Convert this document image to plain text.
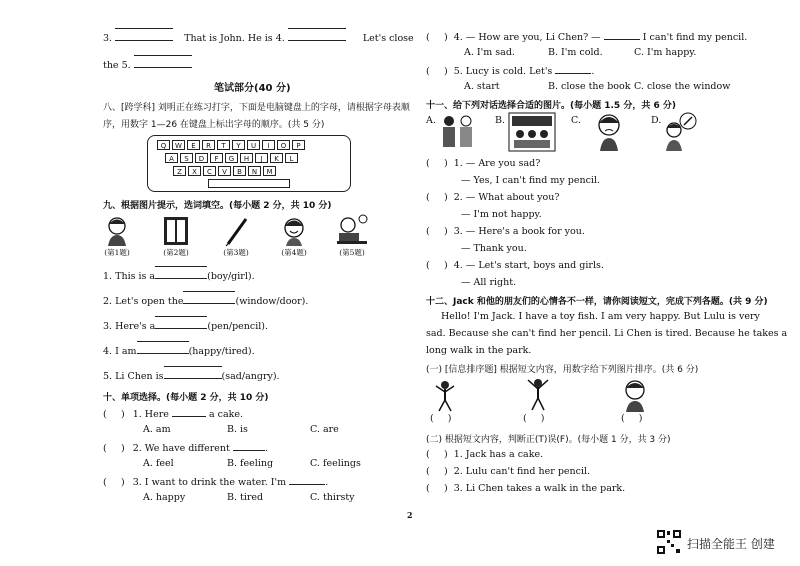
3.	That is John. He is 4.	Let's close
the 5.
笔试部分(40 分)
八、[跨学科] 刘明正在练习打字，下面是电脑键盘上的字母，请根据字母表顺
序，用数字 1—26 在键盘上标出字母的顺序。(共 5 分)
Q	W	E	R	T	Y	U	I	O	P
A	S	D	F	G	H	J	K	L
Z	X	C	V	B	N	M
九、根据图片提示，选词填空。(每小题 2 分，共 10 分)
(第1题)	(第2题)	(第3题)	(第4题)	(第5题)
1. This is a	(boy/girl).
2. Let's open the	(window/door).
3. Here's a	(pen/pencil).
4. I am	(happy/tired).
5. Li Chen is	(sad/angry).
十、单项选择。(每小题 2 分，共 10 分)
( ) 1. Here	a cake.
A. am	B. is	C. are
( ) 2. We have different	.
A. feel	B. feeling	C. feelings
( ) 3. I want to drink the water. I'm	.
A. happy	B. tired	C. thirsty
2
( ) 4. — How are you, Li Chen? —	I can't find my pencil.
A. I'm sad.	B. I'm cold.	C. I'm happy.
( ) 5. Lucy is cold. Let's	.
A. start	B. close the book C. close the window
十一、给下列对话选择合适的图片。(每小题 1.5 分，共 6 分)
A.	B.	C.	D.
( ) 1. — Are you sad?
— Yes, I can't find my pencil.
( ) 2. — What about you?
— I'm not happy.
( ) 3. — Here's a book for you.
— Thank you.
( ) 4. — Let's start, boys and girls.
— All right.
十二、Jack 和他的朋友们的心情各不一样，请你阅读短文，完成下列各题。(共 9 分)
Hello! I'm Jack. I have a toy fish. I am very happy. But Lulu is very
sad. Because she can't find her pencil. Li Chen is tired. Because he takes a
long walk in the park.
(一) [信息排序题] 根据短文内容，用数字给下列图片排序。(共 6 分)
( )	( )	( )
(二) 根据短文内容，判断正(T)误(F)。(每小题 1 分，共 3 分)
( ) 1. Jack has a cake.
( ) 2. Lulu can't find her pencil.
( ) 3. Li Chen takes a walk in the park.
扫描全能王 创建
